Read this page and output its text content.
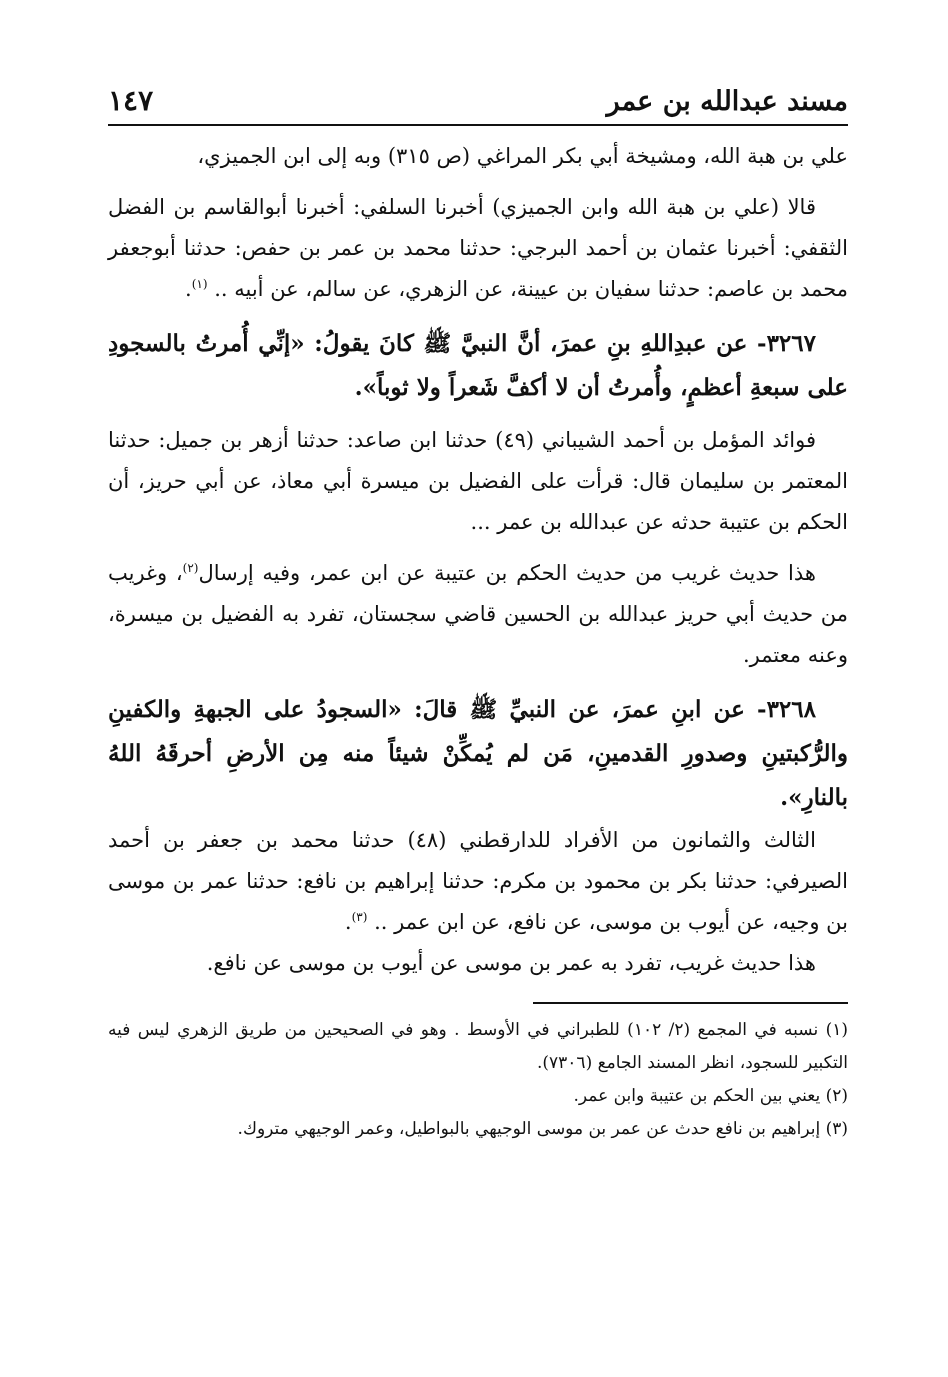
مسند عبدالله بن عمر
١٤٧

علي بن هبة الله، ومشيخة أبي بكر المراغي (ص ٣١٥) وبه إلى ابن الجميزي،

قالا (علي بن هبة الله وابن الجميزي) أخبرنا السلفي: أخبرنا أبوالقاسم بن الفضل الثقفي: أخبرنا عثمان بن أحمد البرجي: حدثنا محمد بن عمر بن حفص: حدثنا أبوجعفر محمد بن عاصم: حدثنا سفيان بن عيينة، عن الزهري، عن سالم، عن أبيه .. $^{(١)}$.

٣٢٦٧- عن عبدِاللهِ بنِ عمرَ، أنَّ النبيَّ ﷺ كانَ يقولُ: «إنِّي أُمرتُ بالسجودِ على سبعةِ أعظمٍ، وأُمرتُ أن لا أكفَّ شَعراً ولا ثوباً».

فوائد المؤمل بن أحمد الشيباني (٤٩) حدثنا ابن صاعد: حدثنا أزهر بن جميل: حدثنا المعتمر بن سليمان قال: قرأت على الفضيل بن ميسرة أبي معاذ، عن أبي حريز، أن الحكم بن عتيبة حدثه عن عبدالله بن عمر ...

هذا حديث غريب من حديث الحكم بن عتيبة عن ابن عمر، وفيه إرسال$^{(٢)}$، وغريب من حديث أبي حريز عبدالله بن الحسين قاضي سجستان، تفرد به الفضيل بن ميسرة، وعنه معتمر.

٣٢٦٨- عن ابنِ عمرَ، عن النبيِّ ﷺ قالَ: «السجودُ على الجبهةِ والكفينِ والرُّكبتينِ وصدورِ القدمينِ، مَن لم يُمكِّنْ شيئاً منه مِن الأرضِ أحرقَهُ اللهُ بالنارِ».

الثالث والثمانون من الأفراد للدارقطني (٤٨) حدثنا محمد بن جعفر بن أحمد الصيرفي: حدثنا بكر بن محمود بن مكرم: حدثنا إبراهيم بن نافع: حدثنا عمر بن موسى بن وجيه، عن أيوب بن موسى، عن نافع، عن ابن عمر .. $^{(٣)}$.

هذا حديث غريب، تفرد به عمر بن موسى عن أيوب بن موسى عن نافع.

(١) نسبه في المجمع (٢/ ١٠٢) للطبراني في الأوسط . وهو في الصحيحين من طريق الزهري ليس فيه التكبير للسجود، انظر المسند الجامع (٧٣٠٦).

(٢) يعني بين الحكم بن عتيبة وابن عمر.

(٣) إبراهيم بن نافع حدث عن عمر بن موسى الوجيهي بالبواطيل، وعمر الوجيهي متروك.
